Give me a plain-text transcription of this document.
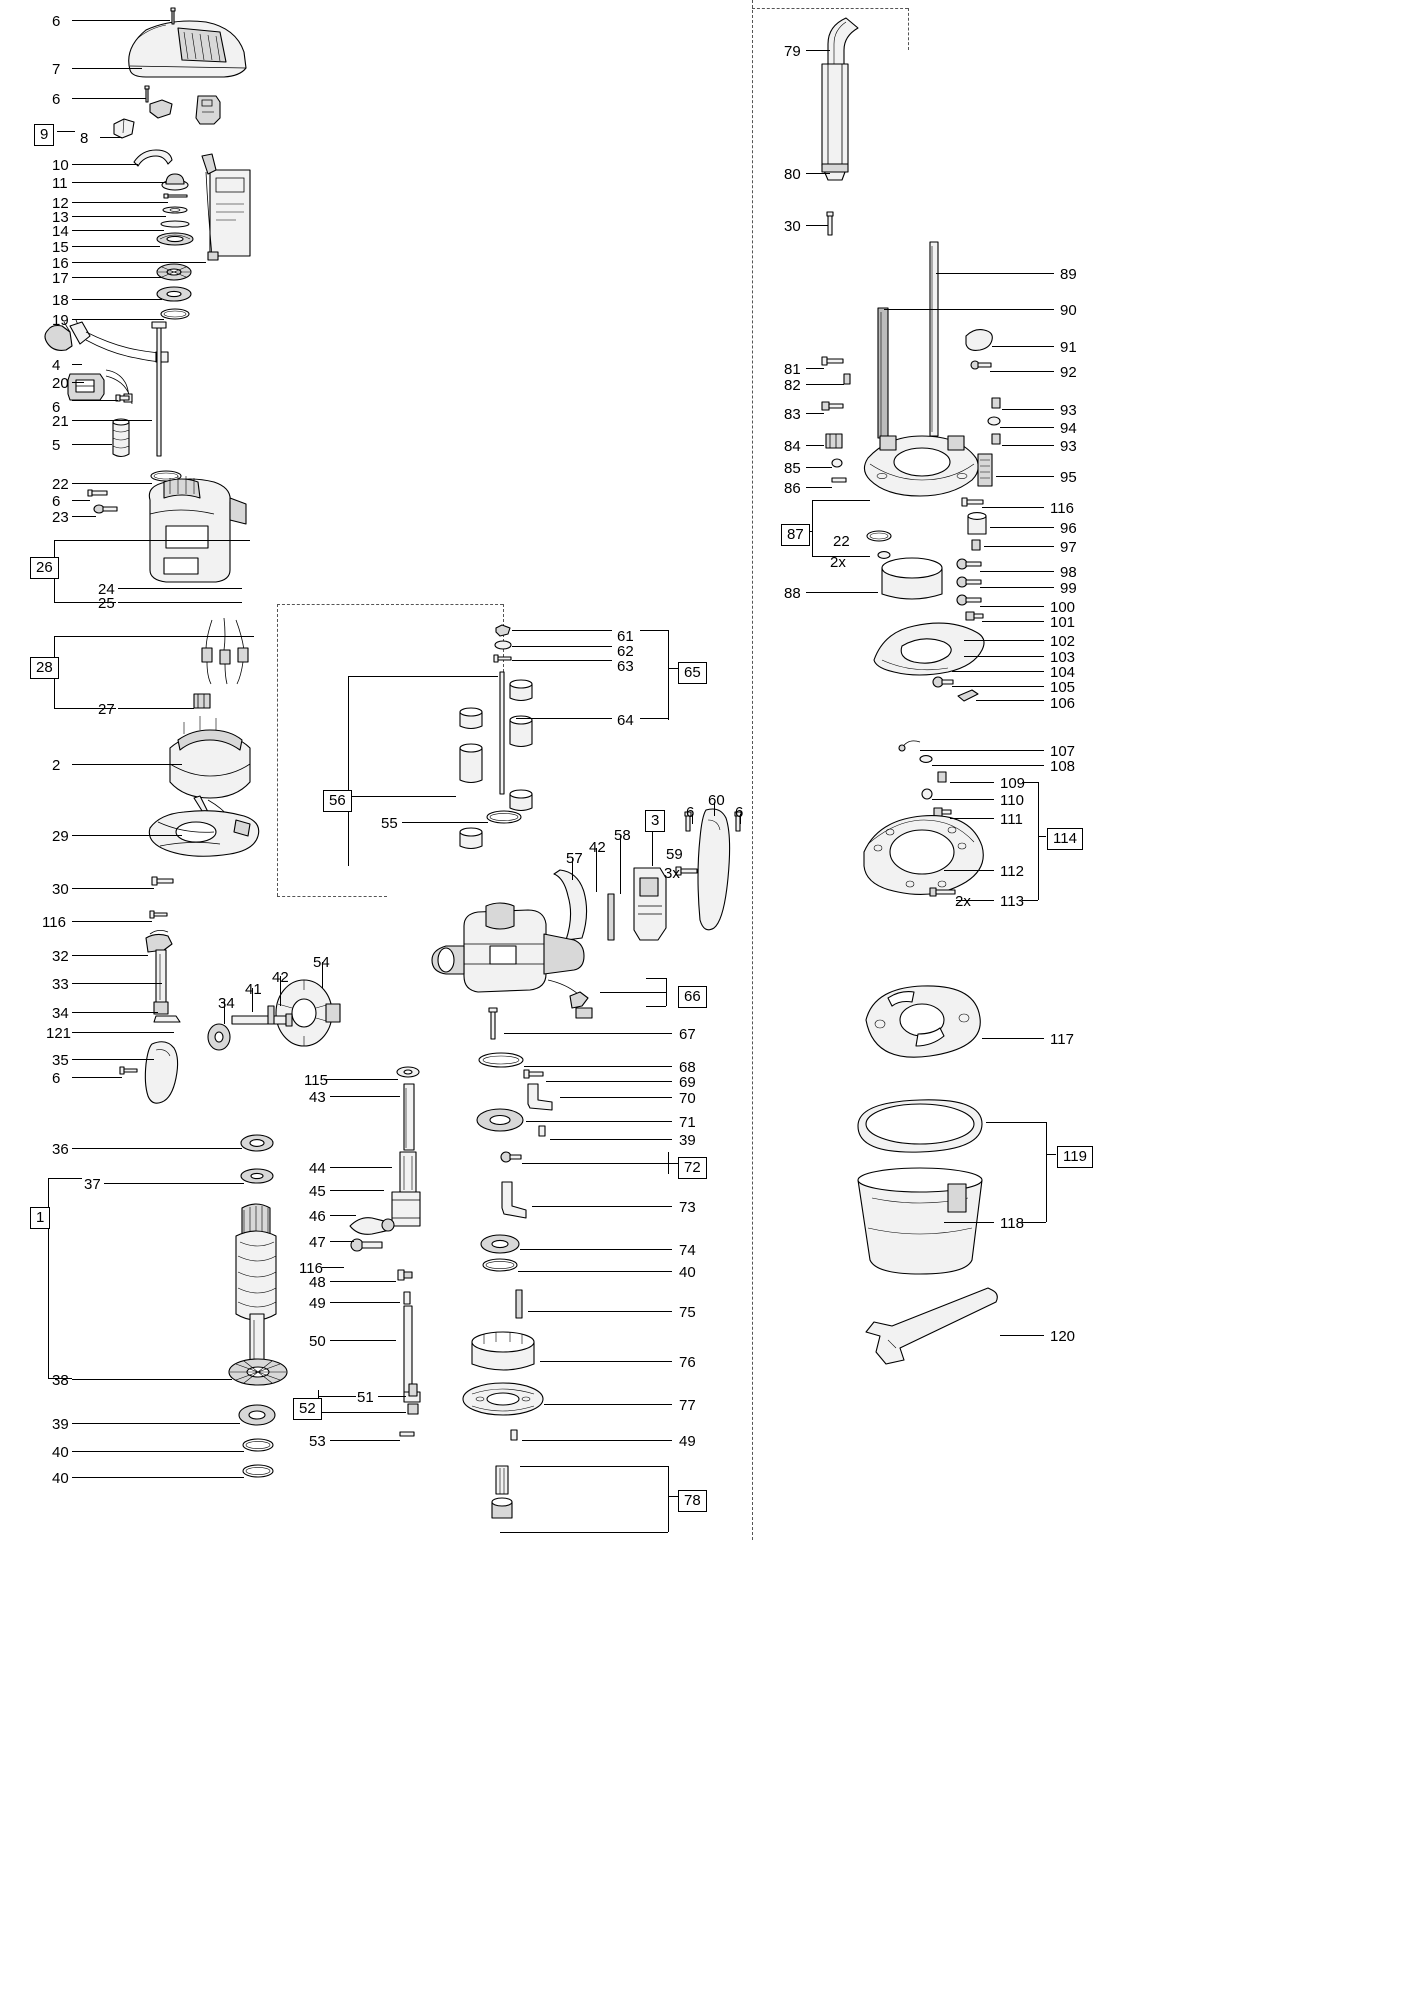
6
7
6
8
10
11
12
13
14
15
16
17
18
19
4
20
6
21
5
22
6
23
24
25
27
2
29
30
116
32
33
34
121
35
6
36
37
38
39
40
40
34
41
42
54
115
43
44
45
46
47
116
48
49
50
51
53
57
42
58
59
3x
6
60
6
55
61
62
63
64
67
68
69
70
71
39
73
74
40
75
76
77
49
79
80
30
89
90
91
92
81
82
83
84
85
86
93
94
93
95
116
22
2x
96
97
98
99
88
100
101
102
103
104
105
106
107
108
109
110
111
112
113
2x
117
118
120
9
26
28
1
52
56
3
65
66
72
78
87
114
119
